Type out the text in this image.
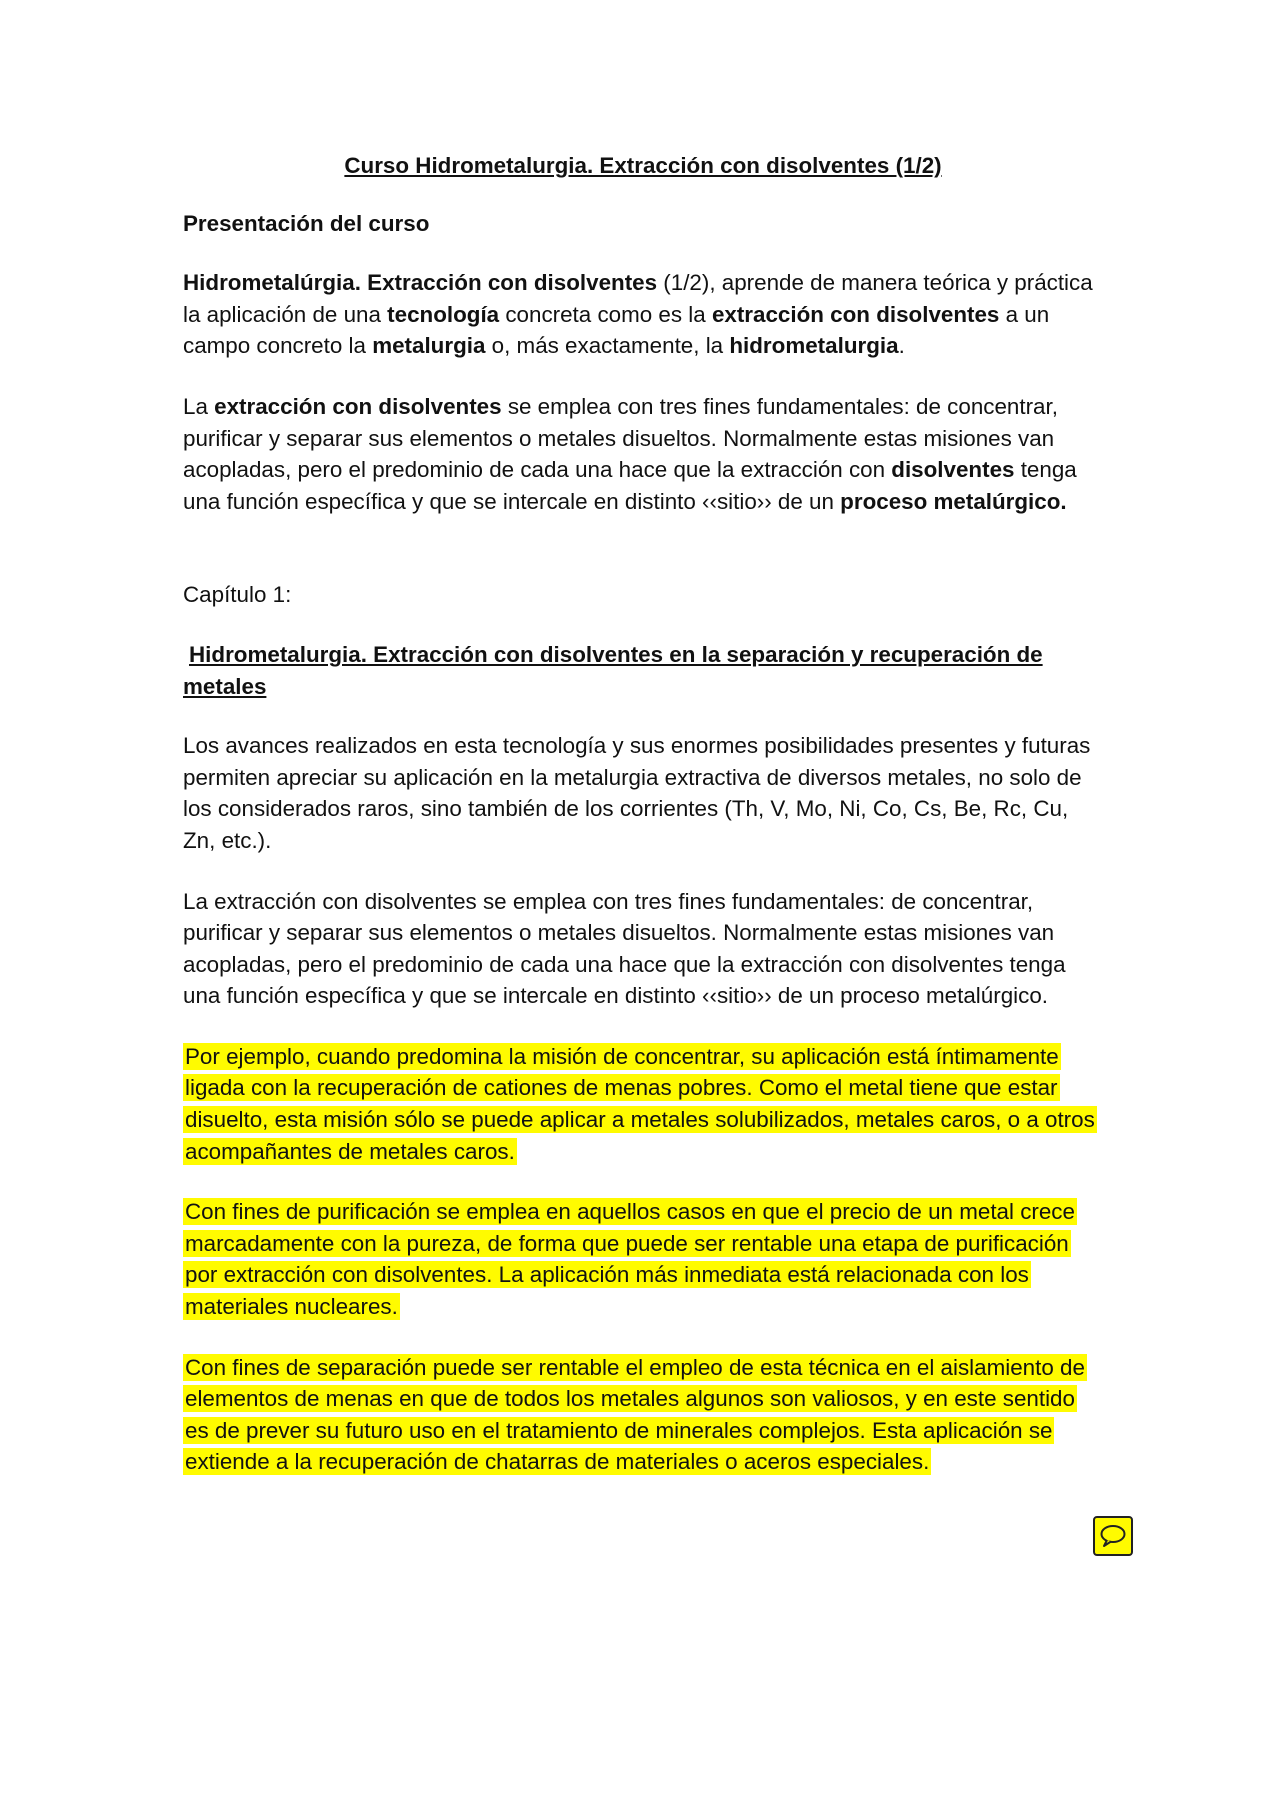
Curso Hidrometalurgia. Extracción con disolventes (1/2)
Presentación del curso

Hidrometalúrgia. Extracción con disolventes (1/2), aprende de manera teórica y práctica la aplicación de una tecnología concreta como es la extracción con disolventes a un campo concreto la metalurgia o, más exactamente, la hidrometalurgia.

La extracción con disolventes se emplea con tres fines fundamentales: de concentrar, purificar y separar sus elementos o metales disueltos. Normalmente estas misiones van acopladas, pero el predominio de cada una hace que la extracción con disolventes tenga una función específica y que se intercale en distinto ‹‹sitio›› de un proceso metalúrgico.

Capítulo 1:
Hidrometalurgia. Extracción con disolventes en la separación y recuperación de metales

Los avances realizados en esta tecnología y sus enormes posibilidades presentes y futuras permiten apreciar su aplicación en la metalurgia extractiva de diversos metales, no solo de los considerados raros, sino también de los corrientes (Th, V, Mo, Ni, Co, Cs, Be, Rc, Cu, Zn, etc.).

La extracción con disolventes se emplea con tres fines fundamentales: de concentrar, purificar y separar sus elementos o metales disueltos. Normalmente estas misiones van acopladas, pero el predominio de cada una hace que la extracción con disolventes tenga una función específica y que se intercale en distinto ‹‹sitio›› de un proceso metalúrgico.

Por ejemplo, cuando predomina la misión de concentrar, su aplicación está íntimamente ligada con la recuperación de cationes de menas pobres. Como el metal tiene que estar disuelto, esta misión sólo se puede aplicar a metales solubilizados, metales caros, o a otros acompañantes de metales caros.

Con fines de purificación se emplea en aquellos casos en que el precio de un metal crece marcadamente con la pureza, de forma que puede ser rentable una etapa de purificación por extracción con disolventes. La aplicación más inmediata está relacionada con los materiales nucleares.

Con fines de separación puede ser rentable el empleo de esta técnica en el aislamiento de elementos de menas en que de todos los metales algunos son valiosos, y en este sentido es de prever su futuro uso en el tratamiento de minerales complejos. Esta aplicación se extiende a la recuperación de chatarras de materiales o aceros especiales.
